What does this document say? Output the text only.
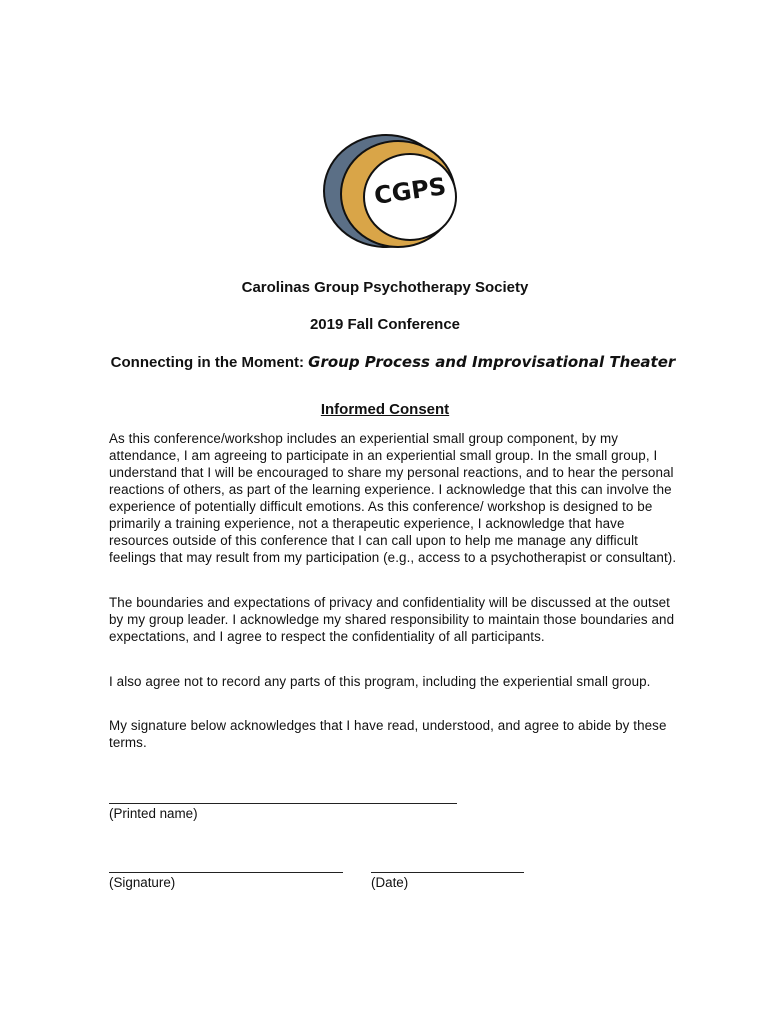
CGPS
Carolinas Group Psychotherapy Society
2019 Fall Conference
Connecting in the Moment: Group Process and Improvisational Theater
Informed Consent
As this conference/workshop includes an experiential small group component, by my attendance, I am agreeing to participate in an experiential small group. In the small group, I understand that I will be encouraged to share my personal reactions, and to hear the personal reactions of others, as part of the learning experience. I acknowledge that this can involve the experience of potentially difficult emotions. As this conference/ workshop is designed to be primarily a training experience, not a therapeutic experience, I acknowledge that have resources outside of this conference that I can call upon to help me manage any difficult feelings that may result from my participation (e.g., access to a psychotherapist or consultant).
The boundaries and expectations of privacy and confidentiality will be discussed at the outset by my group leader. I acknowledge my shared responsibility to maintain those boundaries and expectations, and I agree to respect the confidentiality of all participants.
I also agree not to record any parts of this program, including the experiential small group.
My signature below acknowledges that I have read, understood, and agree to abide by these terms.
(Printed name)
(Signature)	(Date)
